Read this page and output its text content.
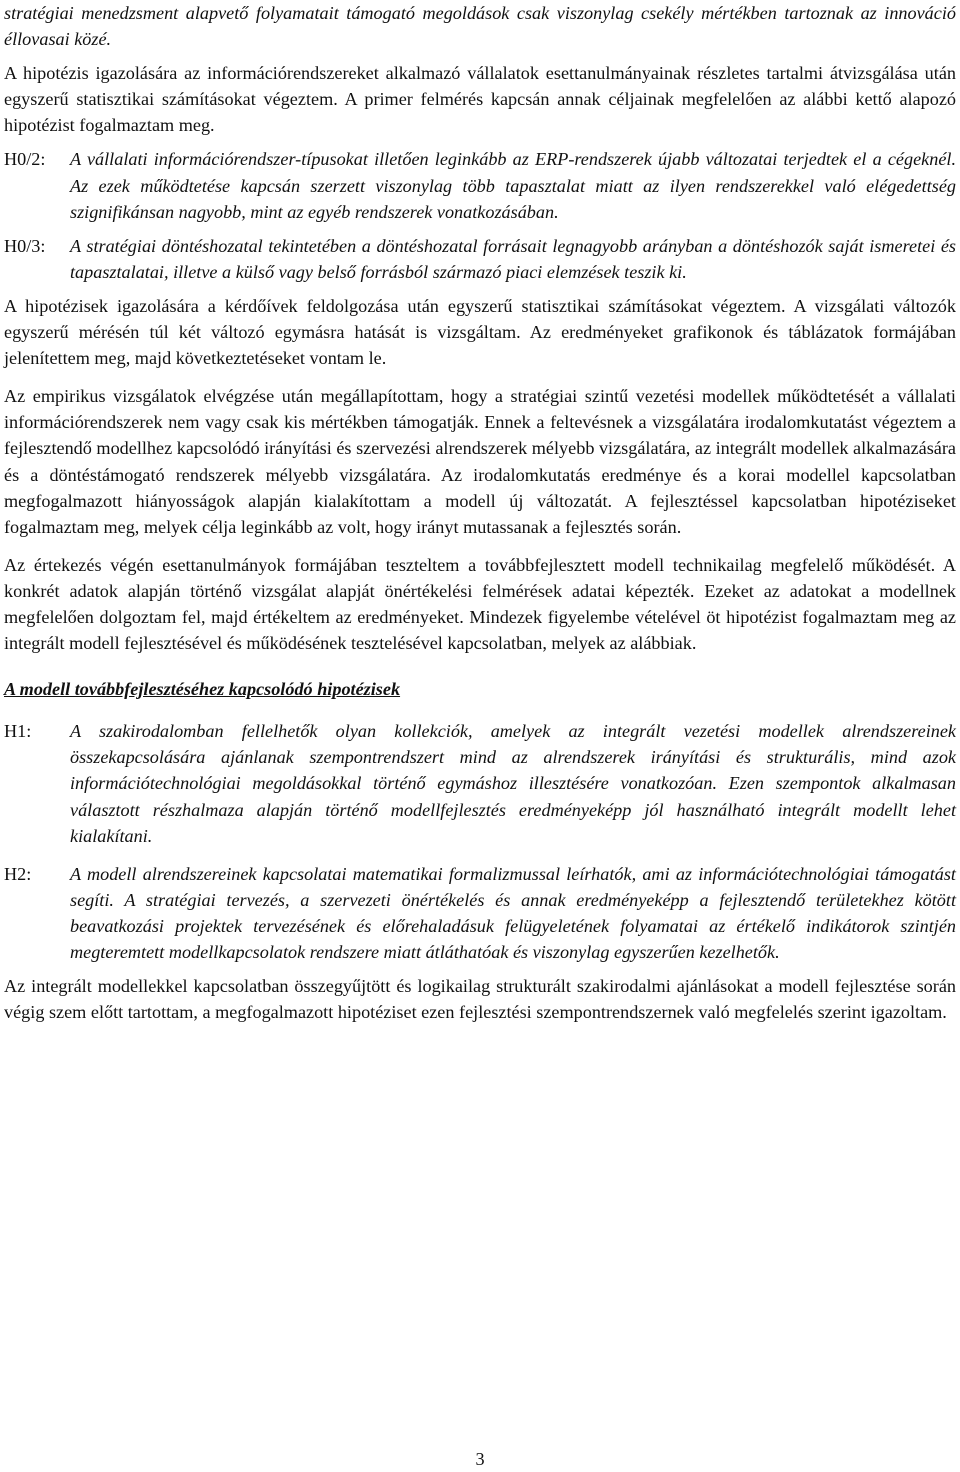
stratégiai menedzsment alapvető folyamatait támogató megoldások csak viszonylag csekély mértékben tartoznak az innováció éllovasai közé.

A hipotézis igazolására az információrendszereket alkalmazó vállalatok esettanulmányainak részletes tartalmi átvizsgálása után egyszerű statisztikai számításokat végeztem. A primer felmérés kapcsán annak céljainak megfelelően az alábbi kettő alapozó hipotézist fogalmaztam meg.

H0/2:	A vállalati információrendszer-típusokat illetően leginkább az ERP-rendszerek újabb változatai terjedtek el a cégeknél. Az ezek működtetése kapcsán szerzett viszonylag több tapasztalat miatt az ilyen rendszerekkel való elégedettség szignifikánsan nagyobb, mint az egyéb rendszerek vonatkozásában.
H0/3:	A stratégiai döntéshozatal tekintetében a döntéshozatal forrásait legnagyobb arányban a döntéshozók saját ismeretei és tapasztalatai, illetve a külső vagy belső forrásból származó piaci elemzések teszik ki.

A hipotézisek igazolására a kérdőívek feldolgozása után egyszerű statisztikai számításokat végeztem. A vizsgálati változók egyszerű mérésén túl két változó egymásra hatását is vizsgáltam. Az eredményeket grafikonok és táblázatok formájában jelenítettem meg, majd következtetéseket vontam le.

Az empirikus vizsgálatok elvégzése után megállapítottam, hogy a stratégiai szintű vezetési modellek működtetését a vállalati információrendszerek nem vagy csak kis mértékben támogatják. Ennek a feltevésnek a vizsgálatára irodalomkutatást végeztem a fejlesztendő modellhez kapcsolódó irányítási és szervezési alrendszerek mélyebb vizsgálatára, az integrált modellek alkalmazására és a döntéstámogató rendszerek mélyebb vizsgálatára. Az irodalomkutatás eredménye és a korai modellel kapcsolatban megfogalmazott hiányosságok alapján kialakítottam a modell új változatát. A fejlesztéssel kapcsolatban hipotéziseket fogalmaztam meg, melyek célja leginkább az volt, hogy irányt mutassanak a fejlesztés során.

Az értekezés végén esettanulmányok formájában teszteltem a továbbfejlesztett modell technikailag megfelelő működését. A konkrét adatok alapján történő vizsgálat alapját önértékelési felmérések adatai képezték. Ezeket az adatokat a modellnek megfelelően dolgoztam fel, majd értékeltem az eredményeket. Mindezek figyelembe vételével öt hipotézist fogalmaztam meg az integrált modell fejlesztésével és működésének tesztelésével kapcsolatban, melyek az alábbiak.

A modell továbbfejlesztéséhez kapcsolódó hipotézisek

H1:	A szakirodalomban fellelhetők olyan kollekciók, amelyek az integrált vezetési modellek alrendszereinek összekapcsolására ajánlanak szempontrendszert mind az alrendszerek irányítási és strukturális, mind azok információtechnológiai megoldásokkal történő egymáshoz illesztésére vonatkozóan. Ezen szempontok alkalmasan választott részhalmaza alapján történő modellfejlesztés eredményeképp jól használható integrált modellt lehet kialakítani.
H2:	A modell alrendszereinek kapcsolatai matematikai formalizmussal leírhatók, ami az információtechnológiai támogatást segíti. A stratégiai tervezés, a szervezeti önértékelés és annak eredményeképp a fejlesztendő területekhez kötött beavatkozási projektek tervezésének és előrehaladásuk felügyeletének folyamatai az értékelő indikátorok szintjén megteremtett modellkapcsolatok rendszere miatt átláthatóak és viszonylag egyszerűen kezelhetők.

Az integrált modellekkel kapcsolatban összegyűjtött és logikailag strukturált szakirodalmi ajánlásokat a modell fejlesztése során végig szem előtt tartottam, a megfogalmazott hipotéziset ezen fejlesztési szempontrendszernek való megfelelés szerint igazoltam.

3
